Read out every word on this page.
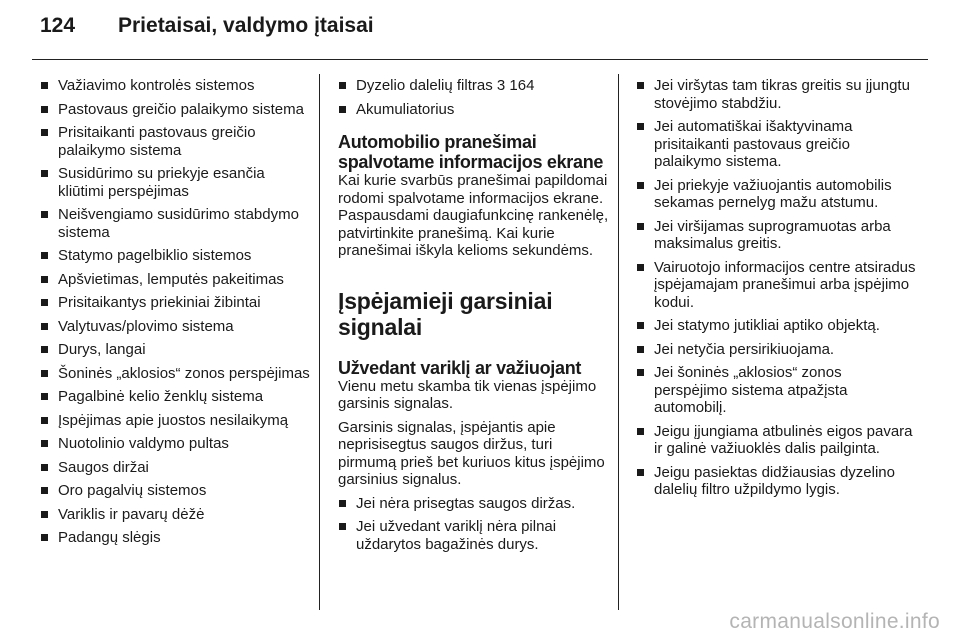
124	Prietaisai, valdymo įtaisai
Važiavimo kontrolės sistemos
Pastovaus greičio palaikymo sistema
Prisitaikanti pastovaus greičio palaikymo sistema
Susidūrimo su priekyje esančia kliūtimi perspėjimas
Neišvengiamo susidūrimo stabdymo sistema
Statymo pagelbiklio sistemos
Apšvietimas, lemputės pakeitimas
Prisitaikantys priekiniai žibintai
Valytuvas/plovimo sistema
Durys, langai
Šoninės „aklosios“ zonos perspėjimas
Pagalbinė kelio ženklų sistema
Įspėjimas apie juostos nesilaikymą
Nuotolinio valdymo pultas
Saugos diržai
Oro pagalvių sistemos
Variklis ir pavarų dėžė
Padangų slėgis
Dyzelio dalelių filtras 3 164
Akumuliatorius
Automobilio pranešimai spalvotame informacijos ekrane

Kai kurie svarbūs pranešimai papildomai rodomi spalvotame informacijos ekrane. Paspausdami daugiafunkcinę rankenėlę, patvirtinkite pranešimą. Kai kurie pranešimai iškyla kelioms sekundėms.

Įspėjamieji garsiniai signalai
Užvedant variklį ar važiuojant

Vienu metu skamba tik vienas įspėjimo garsinis signalas.

Garsinis signalas, įspėjantis apie neprisisegtus saugos diržus, turi pirmumą prieš bet kuriuos kitus įspėjimo garsinius signalus.

Jei nėra prisegtas saugos diržas.
Jei užvedant variklį nėra pilnai uždarytos bagažinės durys.
Jei viršytas tam tikras greitis su įjungtu stovėjimo stabdžiu.
Jei automatiškai išaktyvinama prisitaikanti pastovaus greičio palaikymo sistema.
Jei priekyje važiuojantis automobilis sekamas pernelyg mažu atstumu.
Jei viršijamas suprogramuotas arba maksimalus greitis.
Vairuotojo informacijos centre atsiradus įspėjamajam pranešimui arba įspėjimo kodui.
Jei statymo jutikliai aptiko objektą.
Jei netyčia persirikiuojama.
Jei šoninės „aklosios“ zonos perspėjimo sistema atpažįsta automobilį.
Jeigu įjungiama atbulinės eigos pavara ir galinė važiuoklės dalis pailginta.
Jeigu pasiektas didžiausias dyzelino dalelių filtro užpildymo lygis.
carmanualsonline.info
